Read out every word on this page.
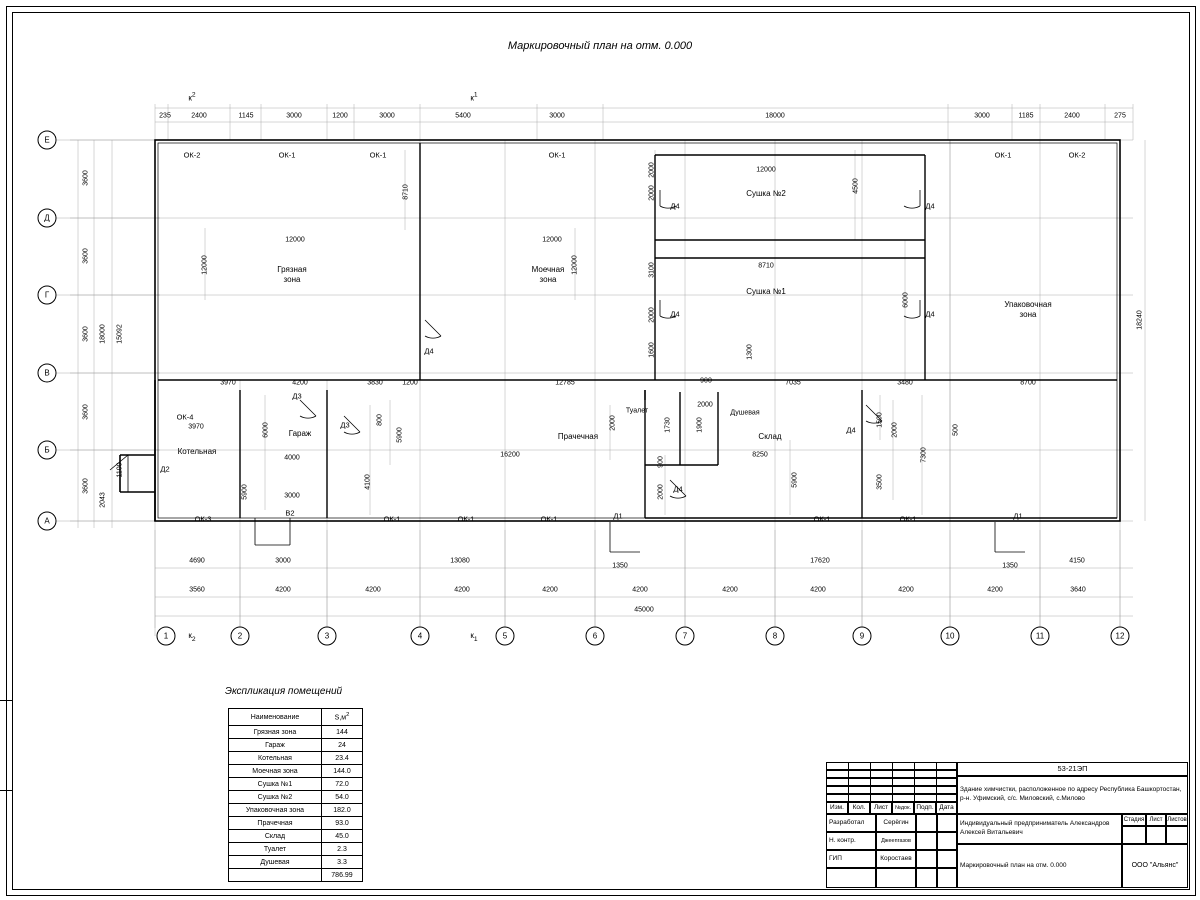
Маркировочный план на отм. 0.000
$к^2$	$к^1$
$к_2$	$к_1$
235	2400	1145	3000	1200	3000	5400	3000	18000	3000	1185	2400	275
3600
3600
3600
3600
3600
18000 15092
2043
1100
18240
500
4690	3000	13080
1350
17620
1350
4150
3560	4200	4200	4200	4200	4200	4200	4200	4200	4200	3640
45000
12000
12000	12000
12000
12000
8710
8710
3970	4200	3830	1200	12785	900	7035	3480	8700
4000
3000
5900
4100
6000
5900
16200	8250
2000	1730	1900
900
2000
2000
2000
3100
2000
1600	1300
4500
6000
1500
5900
2000
800
3500
7300
2000
3970
Грязная
зона
Моечная
зона
Сушка №2
Сушка №1
Упаковочная
зона
Котельная
Гараж	Прачечная
Туалет	Душевая
Склад
ОК-2	ОК-1	ОК-1	ОК-1	ОК-1	ОК-2
ОК-4
ОК-3
В2
ОК-1	ОК-1	ОК-1	ОК-1	ОК-1
Д1	Д1
Д2
Д3
Д3
Д4
Д4
Д4
Д4
Д4
Д4
Д4
Е
Д
Г
В
Б
А
1	2	3	4	5	6	7	8	9	10	11	12
Экспликация помещений
Наименование	$S,м^2$
Грязная зона	144
Гараж	24
Котельная	23.4
Моечная зона	144.0
Сушка №1	72.0
Сушка №2	54.0
Упаковочная зона	182.0
Прачечная	93.0
Склад	45.0
Туалет	2.3
Душевая	3.3
	786.99
53-21ЭП
Изм.	Кол.	Лист	№док. Подп. Дата
Здание химчистки, расположенное по адресу Республика Башкортостан, р-н. Уфимский, с/с. Миловский, с.Милово
Разработал	Серёгин
Н. контр.	Джеепгазов
ГИП	Коростаев
Индивидуальный предприниматель Александров Алексей Витальевич
Маркировочный план на отм. 0.000
Стадия Лист Листов
ООО "Альянс"
